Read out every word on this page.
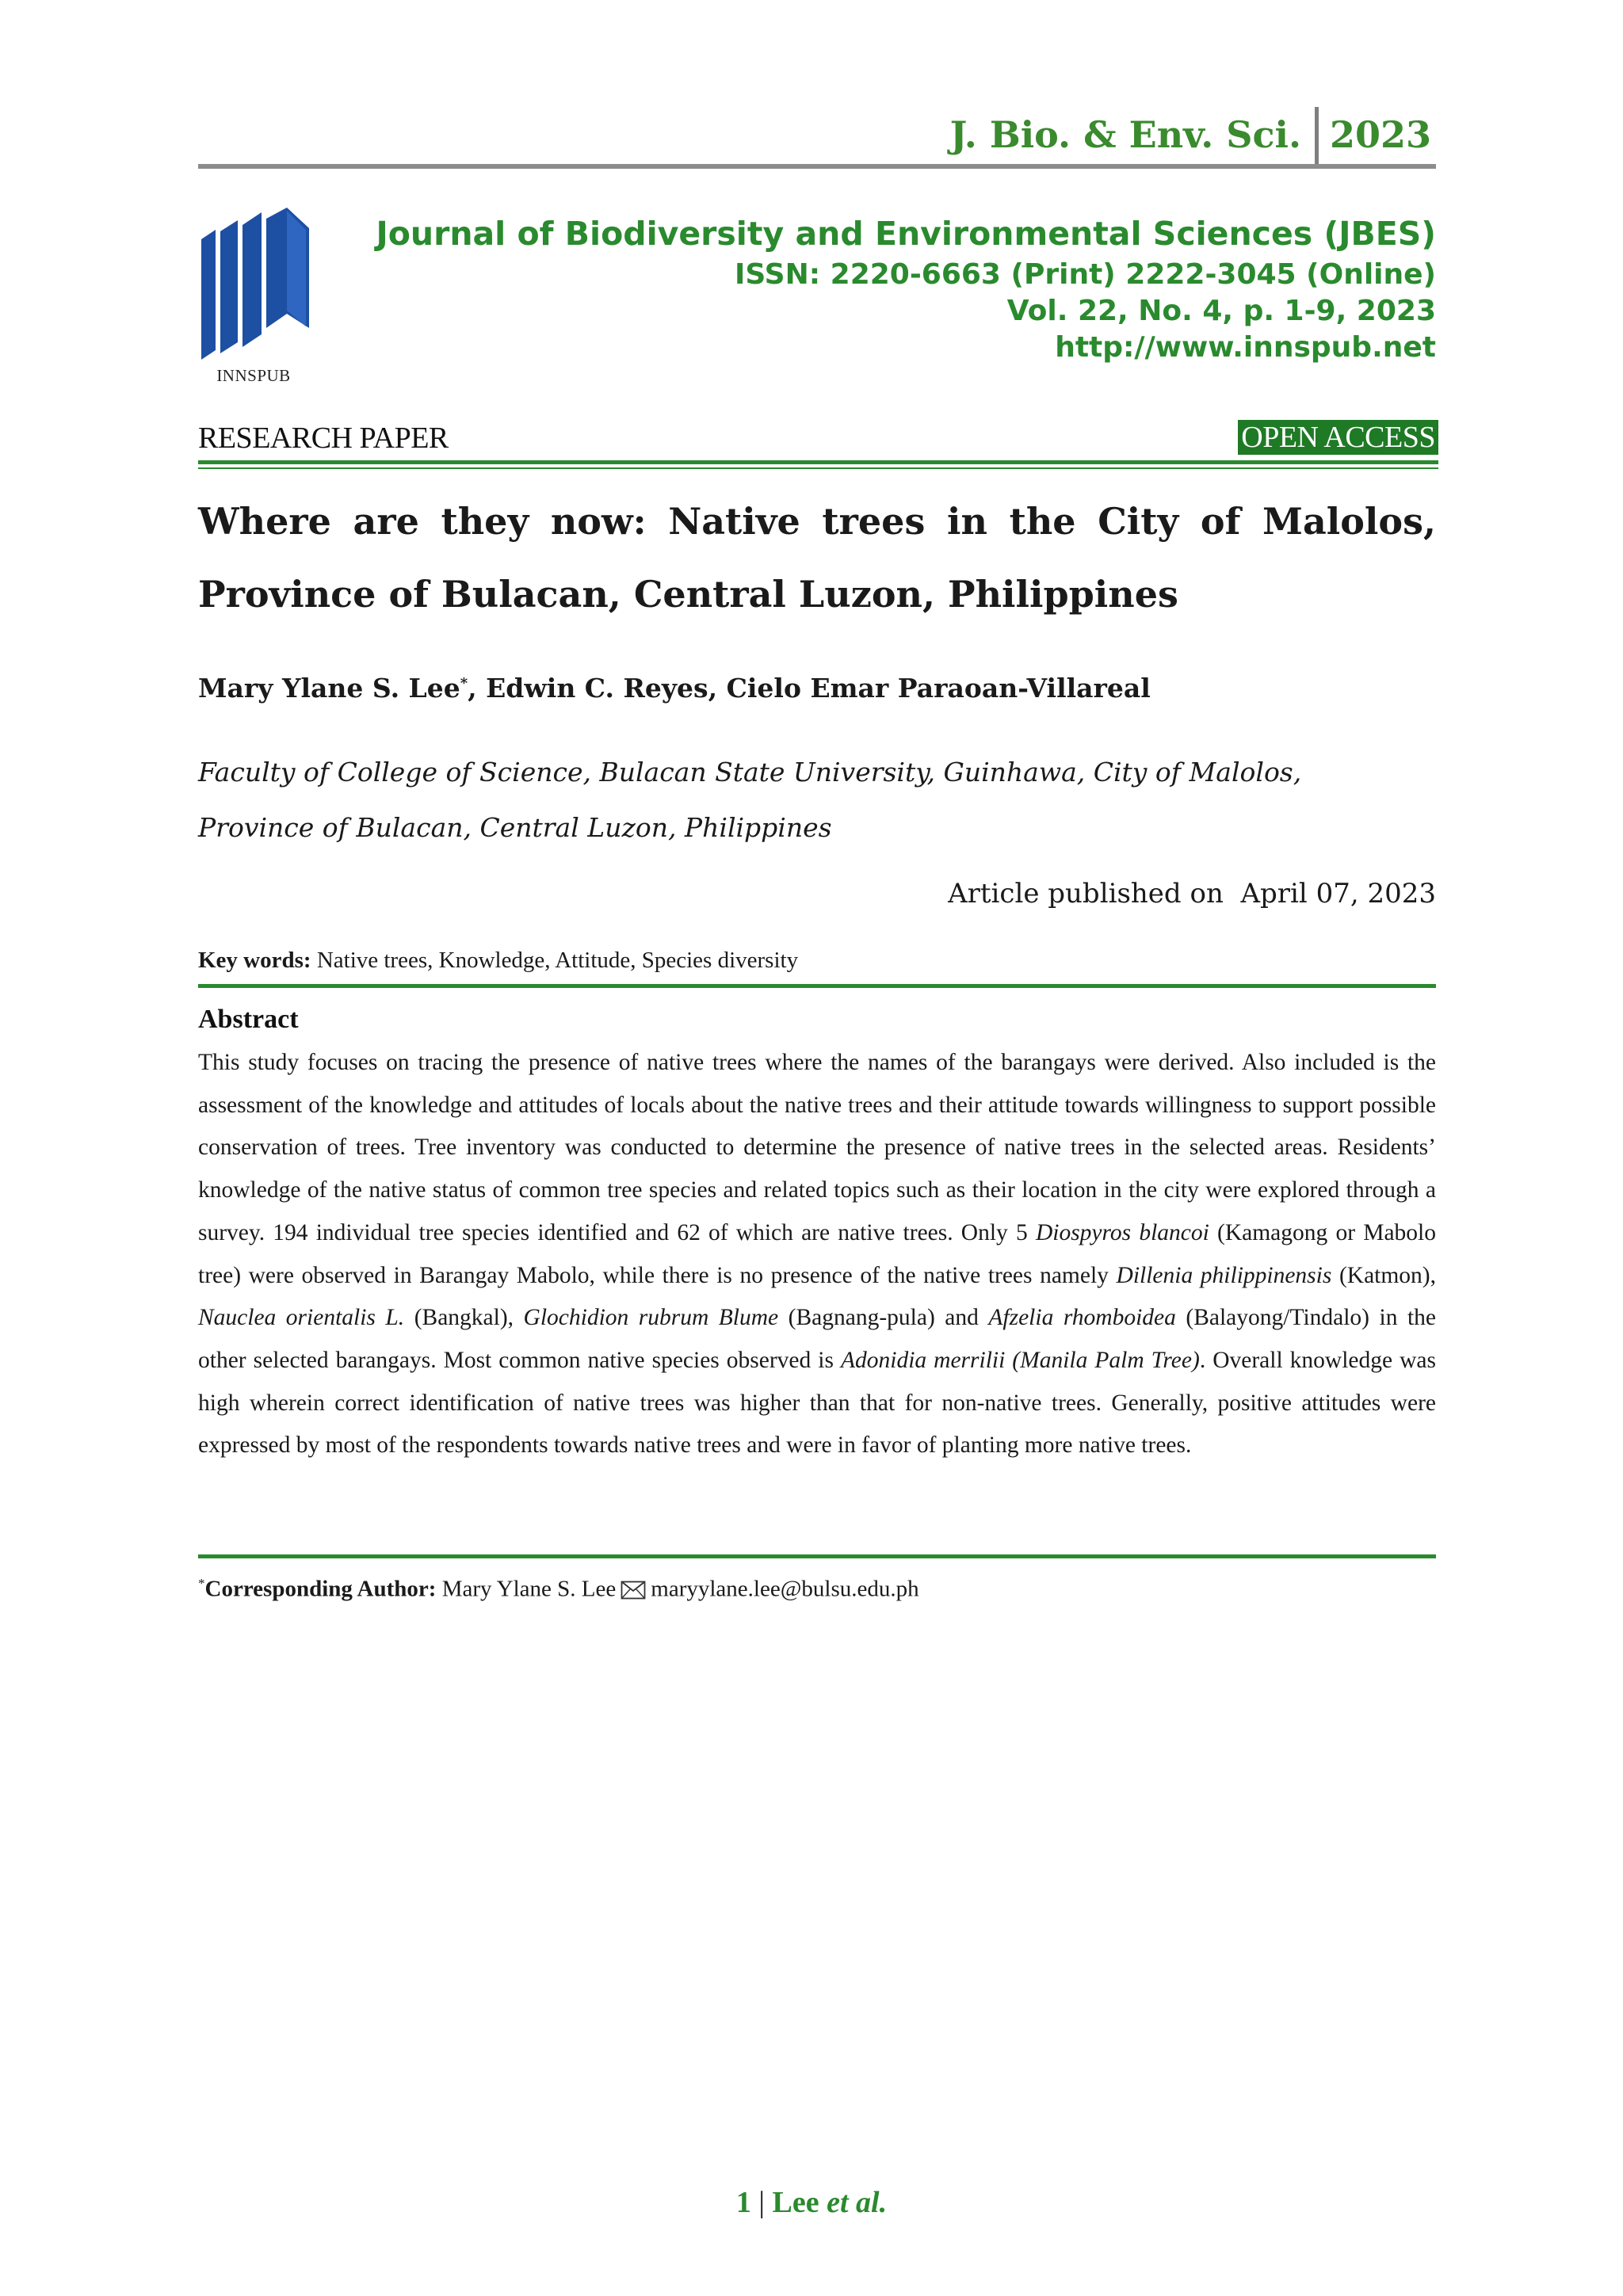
J. Bio. & Env. Sci. 2023
INNSPUB
Journal of Biodiversity and Environmental Sciences (JBES)
ISSN: 2220-6663 (Print) 2222-3045 (Online)
Vol. 22, No. 4, p. 1-9, 2023
http://www.innspub.net
RESEARCH PAPER	OPEN ACCESS
Where are they now: Native trees in the City of Malolos,
Province of Bulacan, Central Luzon, Philippines
Mary Ylane S. Lee*, Edwin C. Reyes, Cielo Emar Paraoan-Villareal
Faculty of College of Science, Bulacan State University, Guinhawa, City of Malolos,
Province of Bulacan, Central Luzon, Philippines
Article published on  April 07, 2023
Key words: Native trees, Knowledge, Attitude, Species diversity
Abstract
This study focuses on tracing the presence of native trees where the names of the barangays were derived. Also included is the assessment of the knowledge and attitudes of locals about the native trees and their attitude towards willingness to support possible conservation of trees. Tree inventory was conducted to determine the presence of native trees in the selected areas. Residents’ knowledge of the native status of common tree species and related topics such as their location in the city were explored through a survey. 194 individual tree species identified and 62 of which are native trees. Only 5 Diospyros blancoi (Kamagong or Mabolo tree) were observed in Barangay Mabolo, while there is no presence of the native trees namely Dillenia philippinensis (Katmon), Nauclea orientalis L. (Bangkal), Glochidion rubrum Blume (Bagnang-pula) and Afzelia rhomboidea (Balayong/Tindalo) in the other selected barangays. Most common native species observed is Adonidia merrilii (Manila Palm Tree). Overall knowledge was high wherein correct identification of native trees was higher than that for non-native trees. Generally, positive attitudes were expressed by most of the respondents towards native trees and were in favor of planting more native trees.
*Corresponding Author: Mary Ylane S. Lee maryylane.lee@bulsu.edu.ph
1 | Lee et al.
